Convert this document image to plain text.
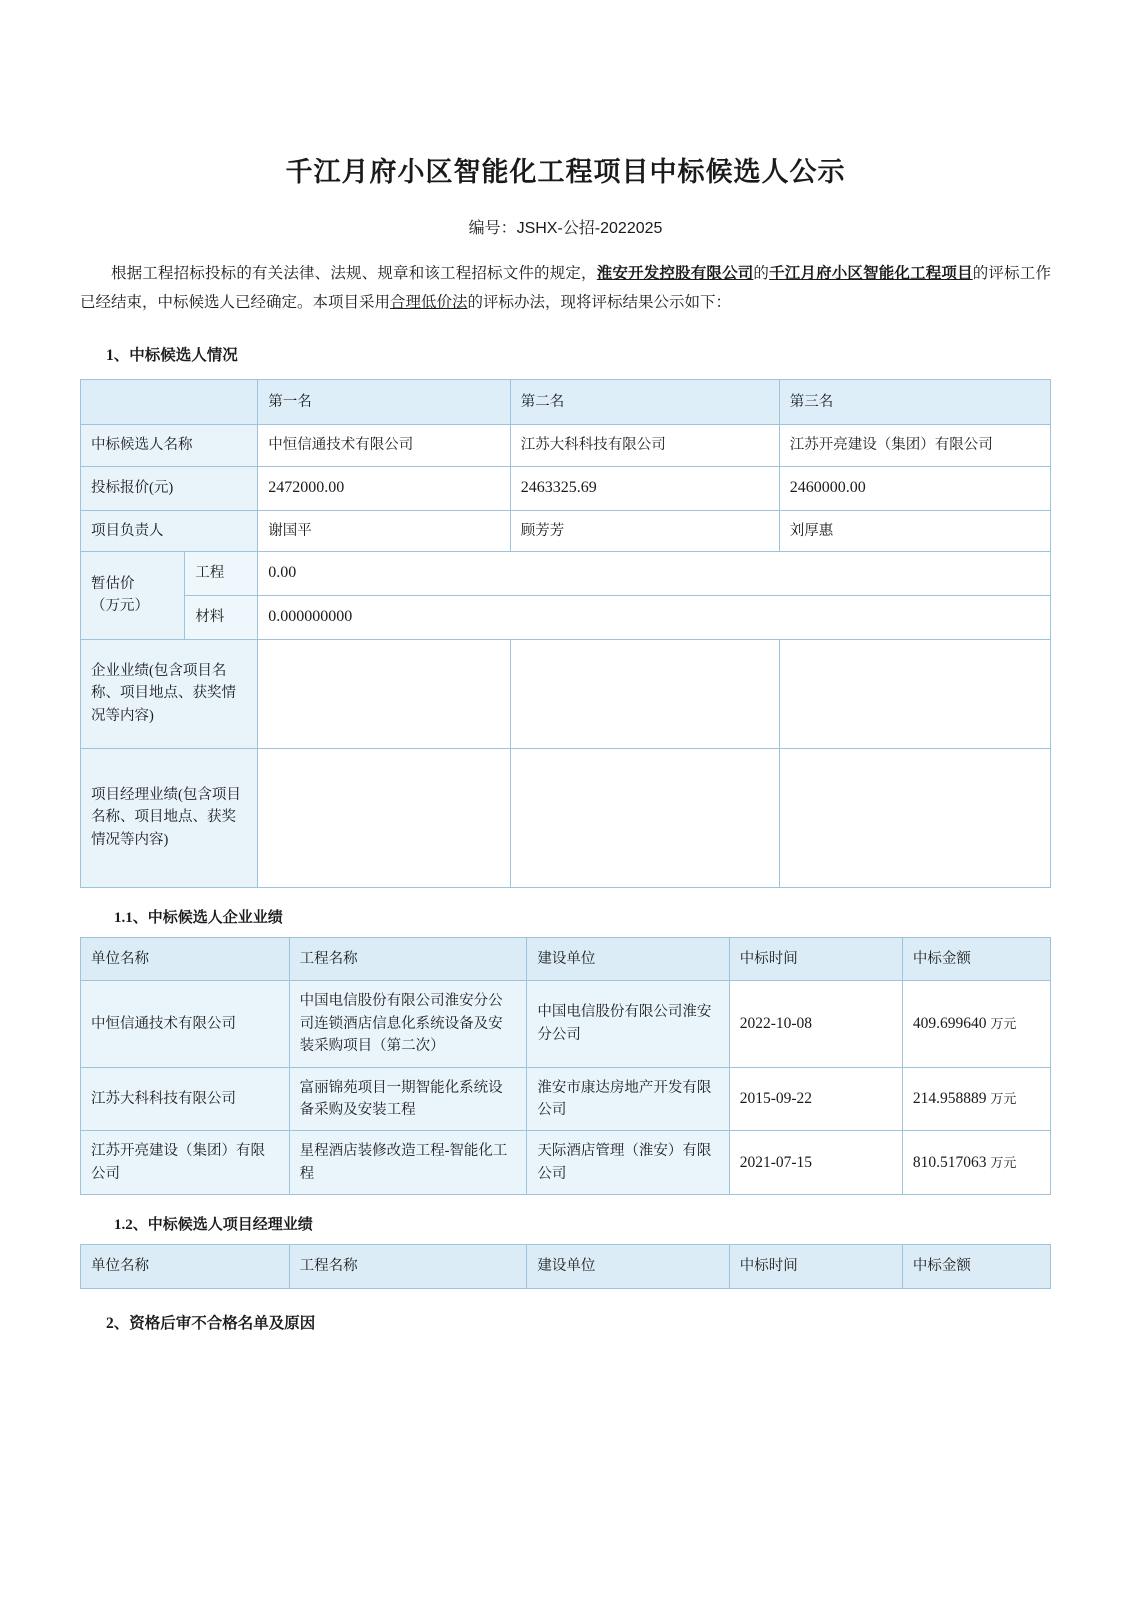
千江月府小区智能化工程项目中标候选人公示
编号：JSHX-公招-2022025

根据工程招标投标的有关法律、法规、规章和该工程招标文件的规定，淮安开发控股有限公司的千江月府小区智能化工程项目的评标工作已经结束，中标候选人已经确定。本项目采用合理低价法的评标办法，现将评标结果公示如下：

1、中标候选人情况
		第一名	第二名	第三名
中标候选人名称		中恒信通技术有限公司	江苏大科科技有限公司	江苏开亮建设（集团）有限公司
投标报价(元)		2472000.00	2463325.69	2460000.00
项目负责人		谢国平	顾芳芳	刘厚惠

暂估价
（万元）	工程	0.00		
	材料	0.000000000		
企业业绩(包含项目名称、项目地点、获奖情况等内容)				
项目经理业绩(包含项目名称、项目地点、获奖情况等内容)				
1.1、中标候选人企业业绩
单位名称	工程名称	建设单位	中标时间	中标金额
中恒信通技术有限公司	中国电信股份有限公司淮安分公司连锁酒店信息化系统设备及安装采购项目（第二次）	中国电信股份有限公司淮安分公司	2022-10-08	409.699640 万元
江苏大科科技有限公司	富丽锦苑项目一期智能化系统设备采购及安装工程	淮安市康达房地产开发有限公司	2015-09-22	214.958889 万元
江苏开亮建设（集团）有限公司	星程酒店装修改造工程-智能化工程	天际酒店管理（淮安）有限公司	2021-07-15	810.517063 万元
1.2、中标候选人项目经理业绩
单位名称	工程名称	建设单位	中标时间	中标金额
2、资格后审不合格名单及原因
